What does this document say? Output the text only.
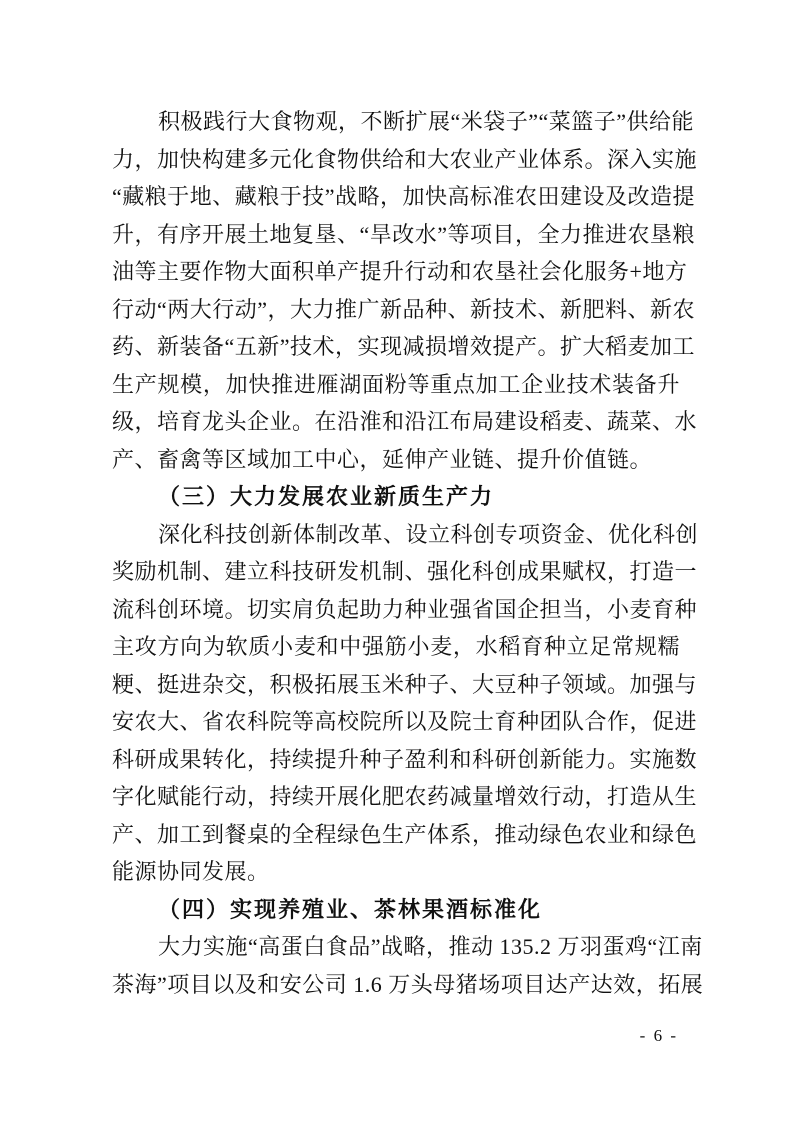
积极践行大食物观，不断扩展“米袋子”“菜篮子”供给能
力，加快构建多元化食物供给和大农业产业体系。深入实施
“藏粮于地、藏粮于技”战略，加快高标准农田建设及改造提
升，有序开展土地复垦、“旱改水”等项目，全力推进农垦粮
油等主要作物大面积单产提升行动和农垦社会化服务+地方
行动“两大行动”，大力推广新品种、新技术、新肥料、新农
药、新装备“五新”技术，实现减损增效提产。扩大稻麦加工
生产规模，加快推进雁湖面粉等重点加工企业技术装备升
级，培育龙头企业。在沿淮和沿江布局建设稻麦、蔬菜、水
产、畜禽等区域加工中心，延伸产业链、提升价值链。
（三）大力发展农业新质生产力
深化科技创新体制改革、设立科创专项资金、优化科创
奖励机制、建立科技研发机制、强化科创成果赋权，打造一
流科创环境。切实肩负起助力种业强省国企担当，小麦育种
主攻方向为软质小麦和中强筋小麦，水稻育种立足常规糯
粳、挺进杂交，积极拓展玉米种子、大豆种子领域。加强与
安农大、省农科院等高校院所以及院士育种团队合作，促进
科研成果转化，持续提升种子盈利和科研创新能力。实施数
字化赋能行动，持续开展化肥农药减量增效行动，打造从生
产、加工到餐桌的全程绿色生产体系，推动绿色农业和绿色
能源协同发展。
（四）实现养殖业、茶林果酒标准化
大力实施“高蛋白食品”战略，推动 135.2 万羽蛋鸡“江南
茶海”项目以及和安公司 1.6 万头母猪场项目达产达效，拓展
- 6 -
